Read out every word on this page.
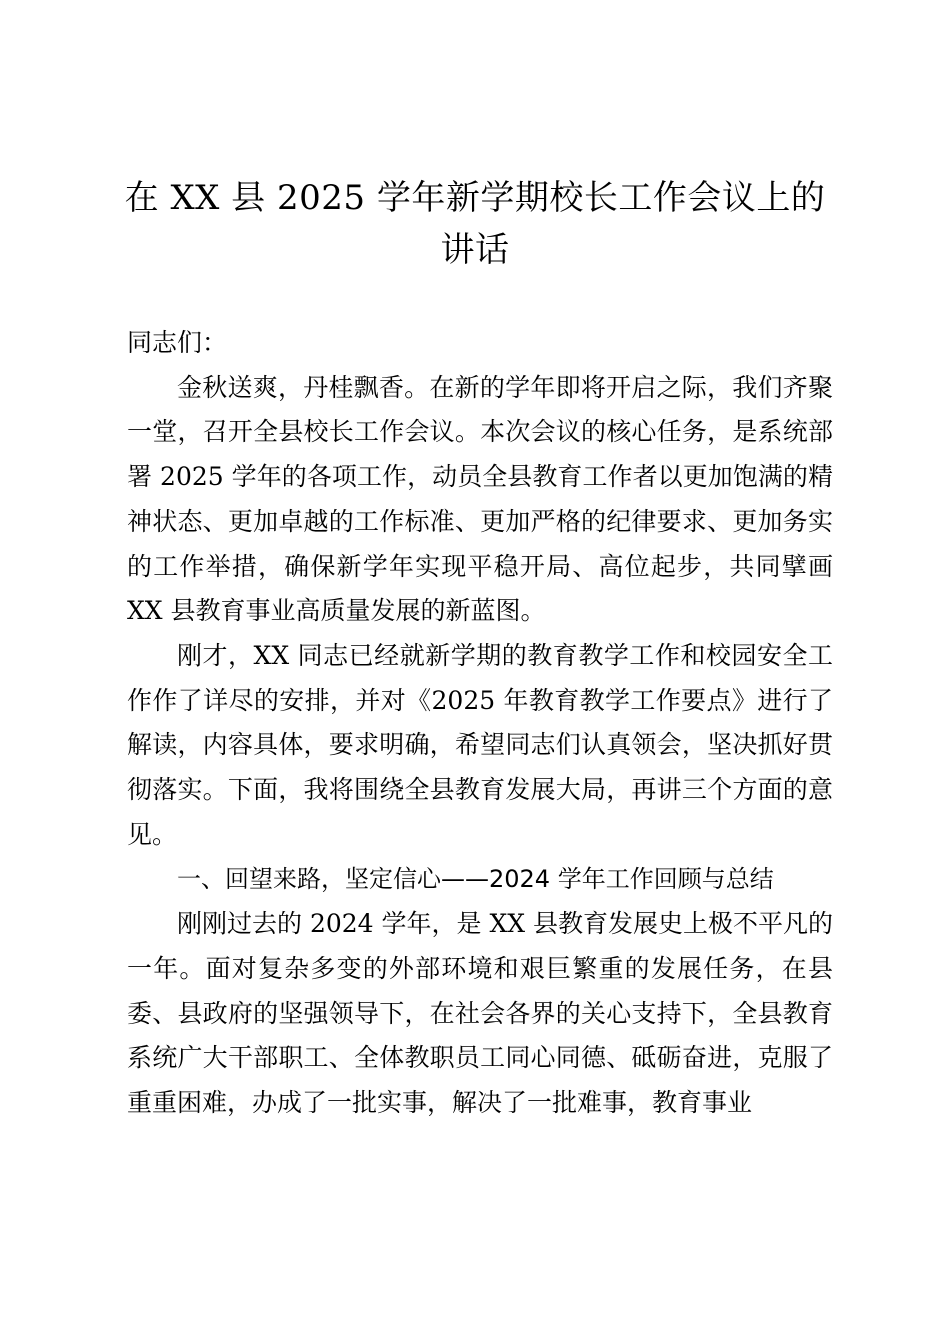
在 XX 县 2025 学年新学期校长工作会议上的
讲话

同志们：

金秋送爽，丹桂飘香。在新的学年即将开启之际，我们齐聚一堂，召开全县校长工作会议。本次会议的核心任务，是系统部署 2025 学年的各项工作，动员全县教育工作者以更加饱满的精神状态、更加卓越的工作标准、更加严格的纪律要求、更加务实的工作举措，确保新学年实现平稳开局、高位起步，共同擘画 XX 县教育事业高质量发展的新蓝图。

刚才，XX 同志已经就新学期的教育教学工作和校园安全工作作了详尽的安排，并对《2025 年教育教学工作要点》进行了解读，内容具体，要求明确，希望同志们认真领会，坚决抓好贯彻落实。下面，我将围绕全县教育发展大局，再讲三个方面的意见。

一、回望来路，坚定信心——2024 学年工作回顾与总结

刚刚过去的 2024 学年，是 XX 县教育发展史上极不平凡的一年。面对复杂多变的外部环境和艰巨繁重的发展任务，在县委、县政府的坚强领导下，在社会各界的关心支持下，全县教育系统广大干部职工、全体教职员工同心同德、砥砺奋进，克服了重重困难，办成了一批实事，解决了一批难事，教育事业
